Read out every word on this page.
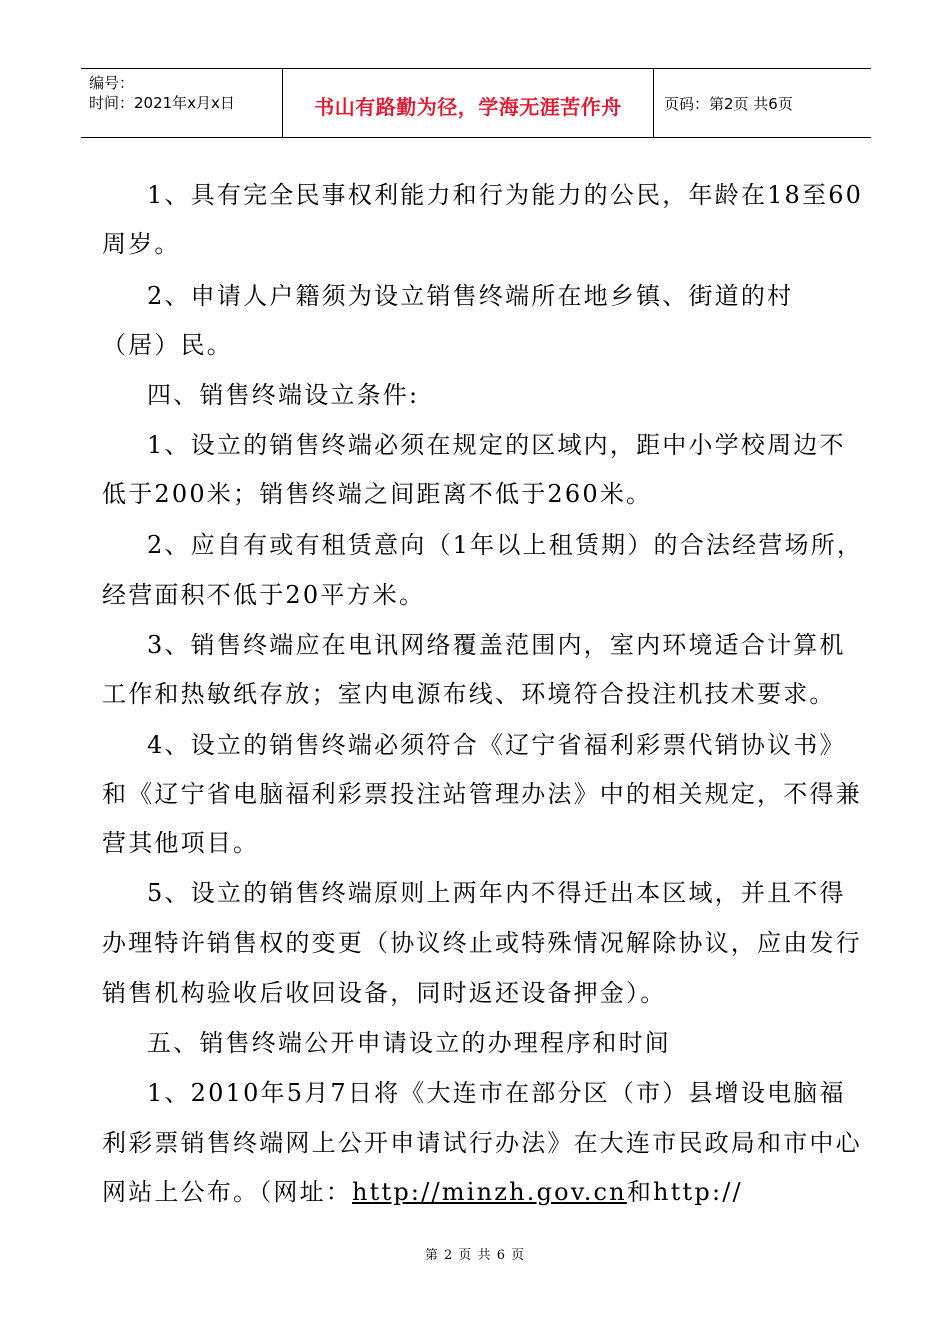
编号：
时间：2021年x月x日	书山有路勤为径，学海无涯苦作舟	页码：第2页 共6页
1、具有完全民事权利能力和行为能力的公民，年龄在18至60
周岁。
2、申请人户籍须为设立销售终端所在地乡镇、街道的村
（居）民。
四、销售终端设立条件:
1、设立的销售终端必须在规定的区域内，距中小学校周边不
低于200米；销售终端之间距离不低于260米。
2、应自有或有租赁意向（1年以上租赁期）的合法经营场所，
经营面积不低于20平方米。
3、销售终端应在电讯网络覆盖范围内，室内环境适合计算机
工作和热敏纸存放；室内电源布线、环境符合投注机技术要求。
4、设立的销售终端必须符合《辽宁省福利彩票代销协议书》
和《辽宁省电脑福利彩票投注站管理办法》中的相关规定，不得兼
营其他项目。
5、设立的销售终端原则上两年内不得迁出本区域，并且不得
办理特许销售权的变更（协议终止或特殊情况解除协议，应由发行
销售机构验收后收回设备，同时返还设备押金）。
五、销售终端公开申请设立的办理程序和时间
1、2010年5月7日将《大连市在部分区（市）县增设电脑福
利彩票销售终端网上公开申请试行办法》在大连市民政局和市中心
网站上公布。（网址：http://minzh.gov.cn和http://
第 2 页 共 6 页
